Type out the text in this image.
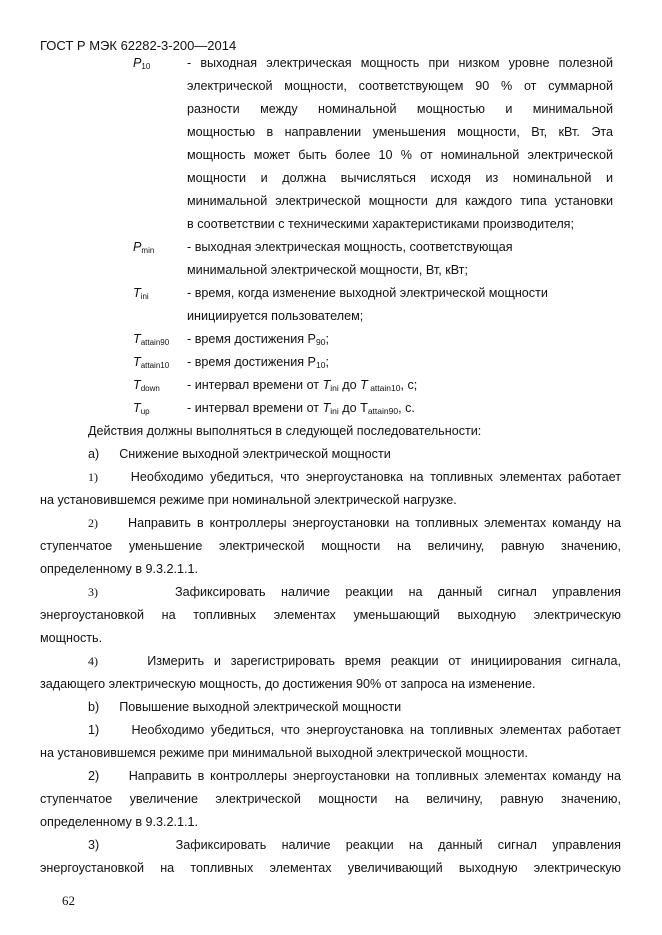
ГОСТ Р МЭК 62282-3-200—2014
$P_{10}$	- выходная электрическая мощность при низком уровне полезной
электрической мощности, соответствующем 90 % от суммарной
разности между номинальной мощностью и минимальной
мощностью в направлении уменьшения мощности, Вт, кВт. Эта
мощность может быть более 10 % от номинальной электрической
мощности и должна вычисляться исходя из номинальной и
минимальной электрической мощности для каждого типа установки
в соответствии с техническими характеристиками производителя;
$P_{min}$	- выходная электрическая мощность, соответствующая
минимальной электрической мощности, Вт, кВт;
$T_{ini}$	- время, когда изменение выходной электрической мощности
инициируется пользователем;
$T_{attain90}$ - время достижения P90;
$T_{attain10}$ - время достижения P10;
$T_{down}$ - интервал времени от Tini до T attain10, с;
$T_{up}$	- интервал времени от Tini до Tattain90, с.
Действия должны выполняться в следующей последовательности:
a) Снижение выходной электрической мощности
1)	Необходимо убедиться, что энергоустановка на топливных элементах работает
на установившемся режиме при номинальной электрической нагрузке.
2) Направить в контроллеры энергоустановки на топливных элементах команду на
ступенчатое уменьшение электрической мощности на величину, равную значению,
определенному в 9.3.2.1.1.
3)	Зафиксировать наличие реакции на данный сигнал управления
энергоустановкой на топливных элементах уменьшающий выходную электрическую
мощность.
4)	Измерить и зарегистрировать время реакции от инициирования сигнала,
задающего электрическую мощность, до достижения 90% от запроса на изменение.
b) Повышение выходной электрической мощности
1)	Необходимо убедиться, что энергоустановка на топливных элементах работает
на установившемся режиме при минимальной выходной электрической мощности.
2) Направить в контроллеры энергоустановки на топливных элементах команду на
ступенчатое увеличение электрической мощности на величину, равную значению,
определенному в 9.3.2.1.1.
3)	Зафиксировать наличие реакции на данный сигнал управления
энергоустановкой на топливных элементах увеличивающий выходную электрическую
62
